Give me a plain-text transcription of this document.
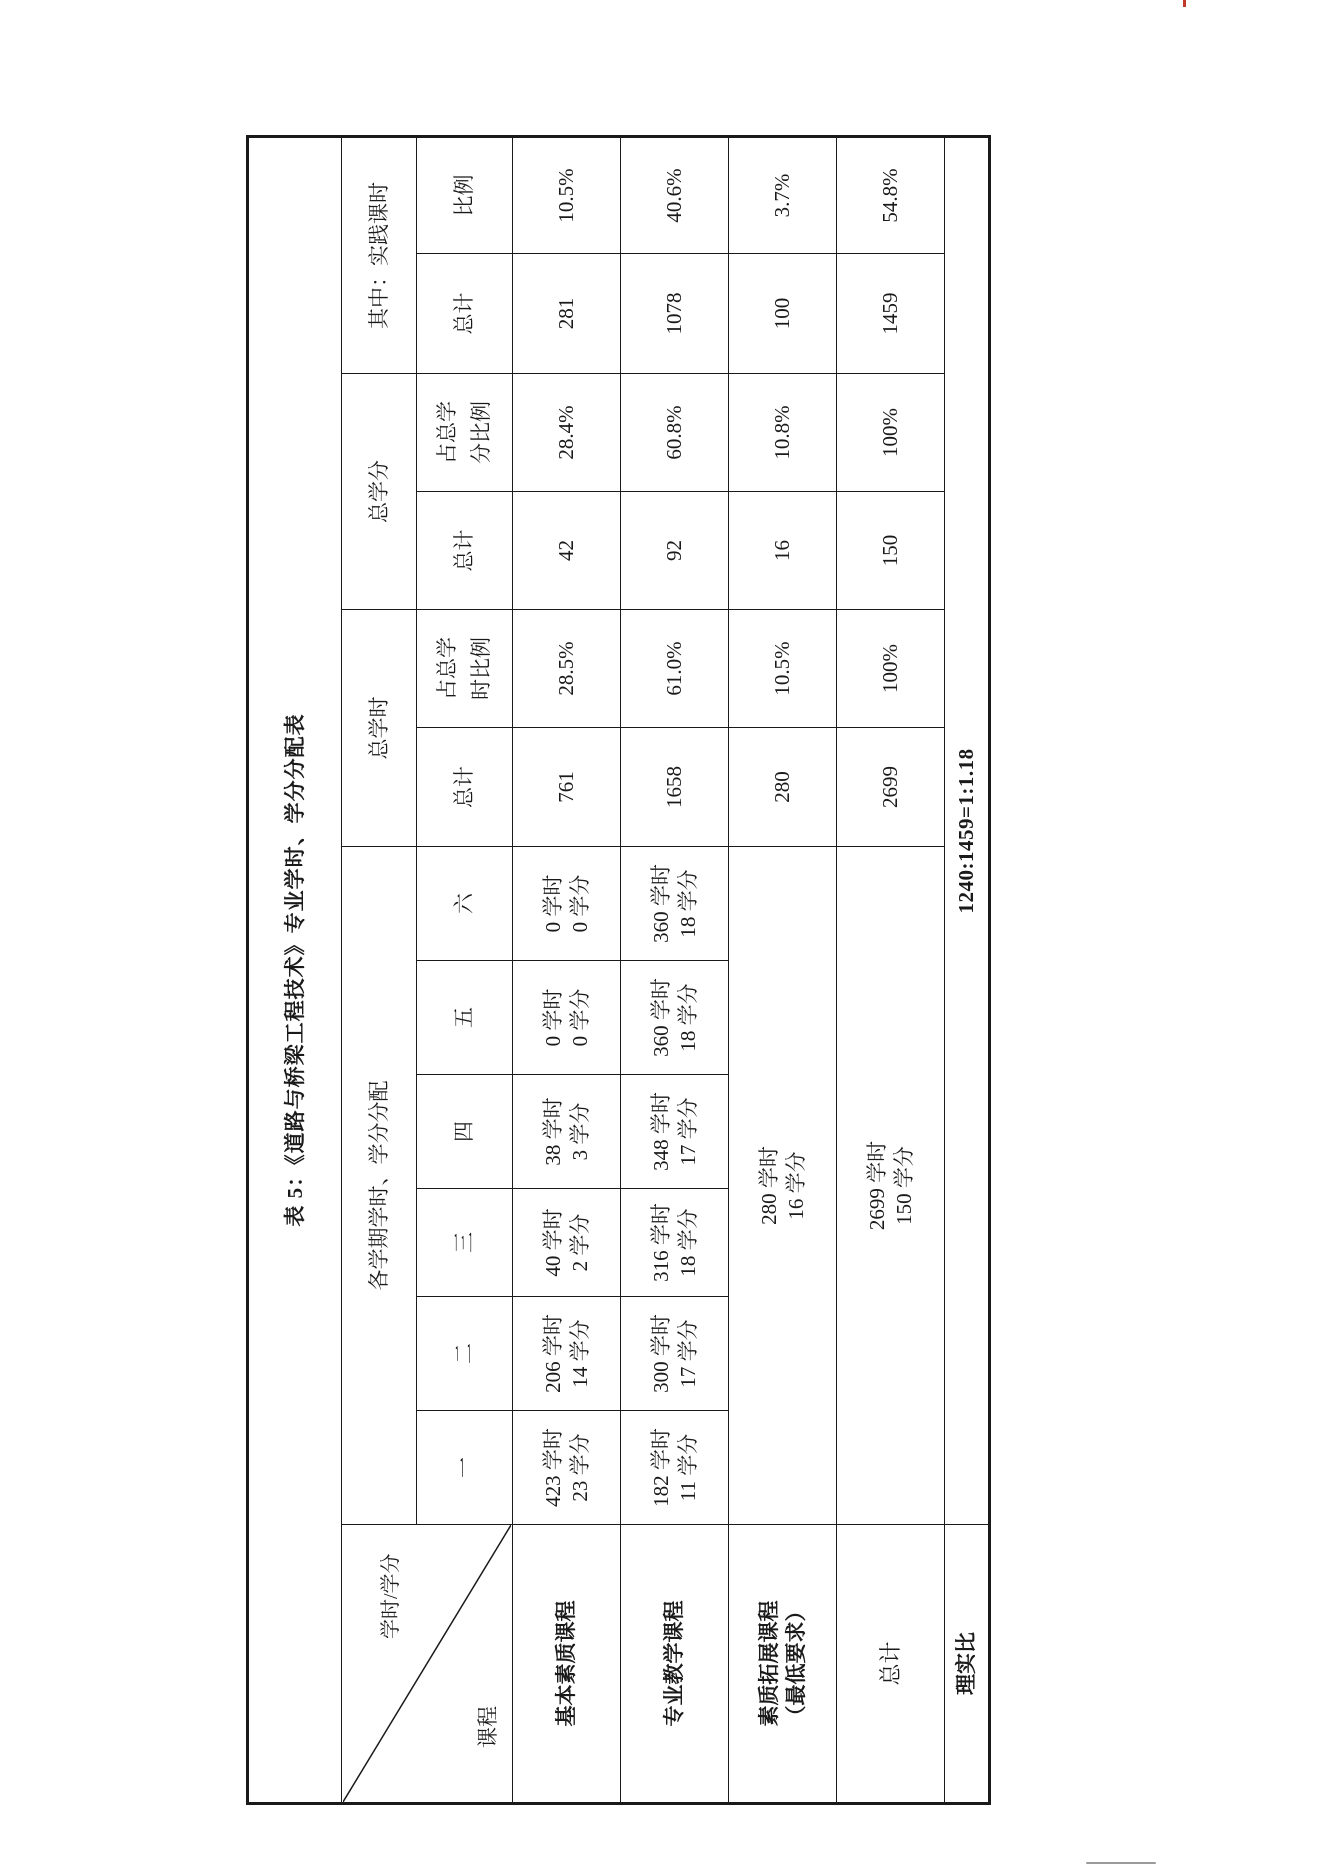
表 5：《道路与桥梁工程技术》专业学时、学分分配表												

学时/学分
课程	各学期学时、学分分配						总学时		总学分		其中：实践课时	
	一	二	三	四	五	六	总计	占总学时比例	总计	占总学分比例	总计	比例

基本素质课程	423 学时 23 学分	206 学时 14 学分	40 学时 2 学分	38 学时 3 学分	0 学时 0 学分	0 学时 0 学分	761	28.5%	42	28.4%	281	10.5%

专业教学课程	182 学时 11 学分	300 学时 17 学分	316 学时 18 学分	348 学时 17 学分	360 学时 18 学分	360 学时 18 学分	1658	61.0%	92	60.8%	1078	40.6%

素质拓展课程 （最低要求）	280 学时 16 学分						280	10.5%	16	10.8%	100	3.7%

总计	2699 学时 150 学分						2699	100%	150	100%	1459	54.8%
理实比	1240:1459=1:1.18											
